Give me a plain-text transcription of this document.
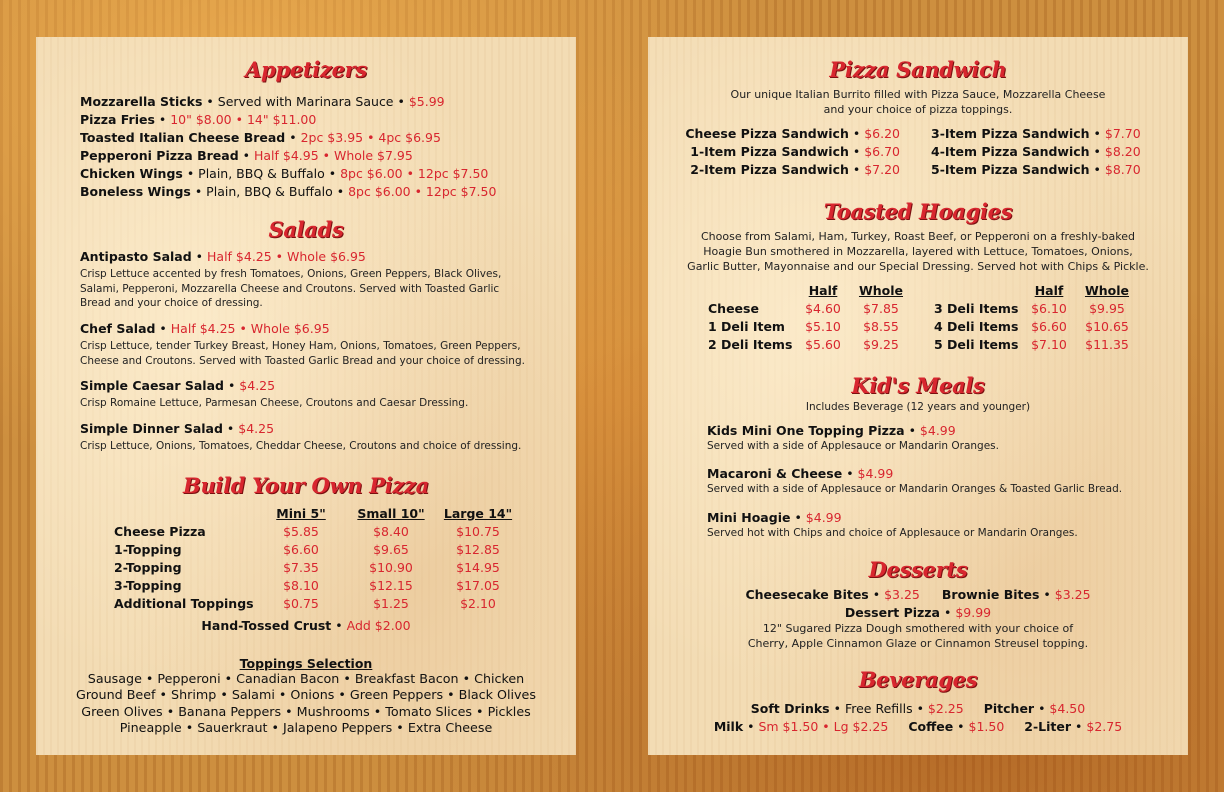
Appetizers
Mozzarella Sticks • Served with Marinara Sauce • $5.99
Pizza Fries • 10" $8.00 • 14" $11.00
Toasted Italian Cheese Bread • 2pc $3.95 • 4pc $6.95
Pepperoni Pizza Bread • Half $4.95 • Whole $7.95
Chicken Wings • Plain, BBQ & Buffalo • 8pc $6.00 • 12pc $7.50
Boneless Wings • Plain, BBQ & Buffalo • 8pc $6.00 • 12pc $7.50
Salads
Antipasto Salad • Half $4.25 • Whole $6.95
Crisp Lettuce accented by fresh Tomatoes, Onions, Green Peppers, Black Olives,
Salami, Pepperoni, Mozzarella Cheese and Croutons. Served with Toasted Garlic
Bread and your choice of dressing.
Chef Salad • Half $4.25 • Whole $6.95
Crisp Lettuce, tender Turkey Breast, Honey Ham, Onions, Tomatoes, Green Peppers,
Cheese and Croutons. Served with Toasted Garlic Bread and your choice of dressing.
Simple Caesar Salad • $4.25
Crisp Romaine Lettuce, Parmesan Cheese, Croutons and Caesar Dressing.
Simple Dinner Salad • $4.25
Crisp Lettuce, Onions, Tomatoes, Cheddar Cheese, Croutons and choice of dressing.
Build Your Own Pizza
Mini 5"	Small 10"	Large 14"
Cheese Pizza	$5.85	$8.40	$10.75
1-Topping	$6.60	$9.65	$12.85
2-Topping	$7.35	$10.90	$14.95
3-Topping	$8.10	$12.15	$17.05
Additional Toppings	$0.75	$1.25	$2.10
Hand-Tossed Crust • Add $2.00
Toppings Selection
Sausage • Pepperoni • Canadian Bacon • Breakfast Bacon • Chicken
Ground Beef • Shrimp • Salami • Onions • Green Peppers • Black Olives
Green Olives • Banana Peppers • Mushrooms • Tomato Slices • Pickles
Pineapple • Sauerkraut • Jalapeno Peppers • Extra Cheese
Pizza Sandwich
Our unique Italian Burrito filled with Pizza Sauce, Mozzarella Cheese
and your choice of pizza toppings.
Cheese Pizza Sandwich • $6.20
1-Item Pizza Sandwich • $6.70
2-Item Pizza Sandwich • $7.20
3-Item Pizza Sandwich • $7.70
4-Item Pizza Sandwich • $8.20
5-Item Pizza Sandwich • $8.70
Toasted Hoagies
Choose from Salami, Ham, Turkey, Roast Beef, or Pepperoni on a freshly-baked
Hoagie Bun smothered in Mozzarella, layered with Lettuce, Tomatoes, Onions,
Garlic Butter, Mayonnaise and our Special Dressing. Served hot with Chips & Pickle.
Half	Whole
Cheese	$4.60	$7.85
1 Deli Item	$5.10	$8.55
2 Deli Items	$5.60	$9.25
Half	Whole
3 Deli Items	$6.10	$9.95
4 Deli Items	$6.60	$10.65
5 Deli Items	$7.10	$11.35
Kid's Meals
Includes Beverage (12 years and younger)
Kids Mini One Topping Pizza • $4.99
Served with a side of Applesauce or Mandarin Oranges.
Macaroni & Cheese • $4.99
Served with a side of Applesauce or Mandarin Oranges & Toasted Garlic Bread.
Mini Hoagie • $4.99
Served hot with Chips and choice of Applesauce or Mandarin Oranges.
Desserts
Cheesecake Bites • $3.25 Brownie Bites • $3.25
Dessert Pizza • $9.99
12" Sugared Pizza Dough smothered with your choice of
Cherry, Apple Cinnamon Glaze or Cinnamon Streusel topping.
Beverages
Soft Drinks • Free Refills • $2.25 Pitcher • $4.50
Milk • Sm $1.50 • Lg $2.25 Coffee • $1.50 2-Liter • $2.75
